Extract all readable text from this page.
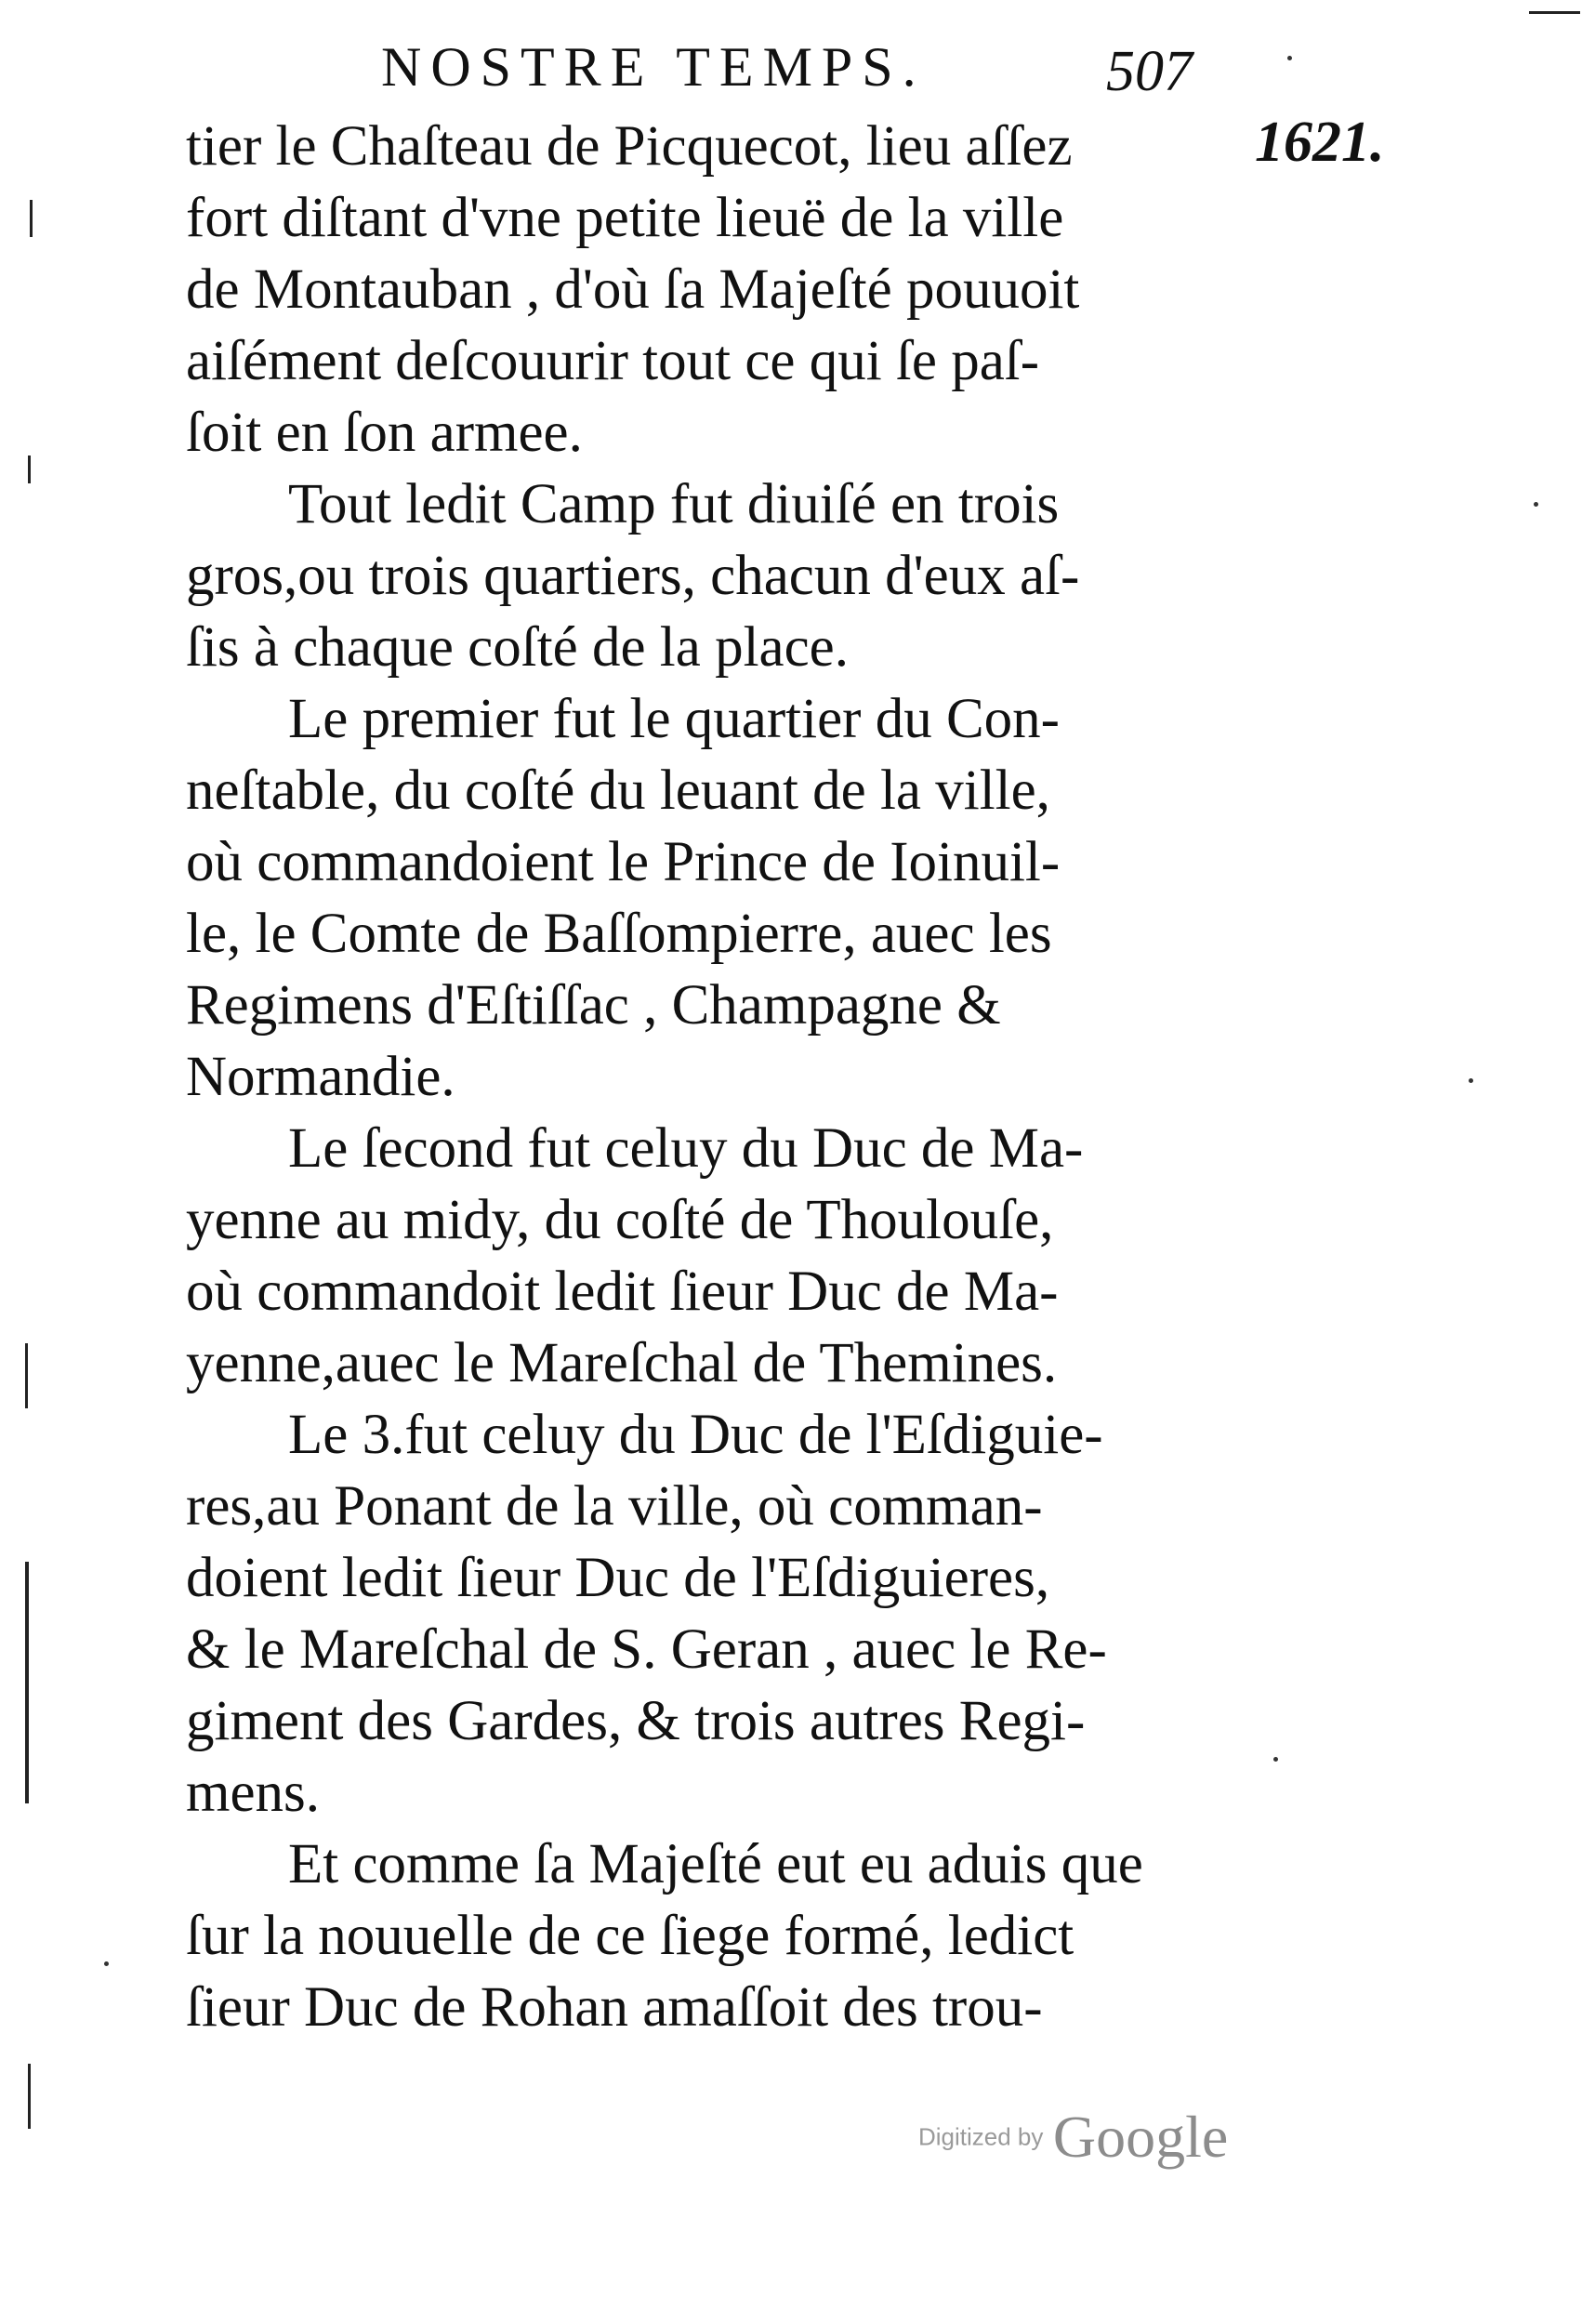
NOSTRE TEMPS.	507
1621.
tier le Chaſteau de Picquecot, lieu aſſez
fort diſtant d'vne petite lieuë de la ville
de Montauban , d'où ſa Majeſté pouuoit
aiſément deſcouurir tout ce qui ſe paſ-
ſoit en ſon armee.
Tout ledit Camp fut diuiſé en trois
gros,ou trois quartiers, chacun d'eux aſ-
ſis à chaque coſté de la place.
Le premier fut le quartier du Con-
neſtable, du coſté du leuant de la ville,
où commandoient le Prince de Ioinuil-
le, le Comte de Baſſompierre, auec les
Regimens d'Eſtiſſac , Champagne &
Normandie.
Le ſecond fut celuy du Duc de Ma-
yenne au midy, du coſté de Thoulouſe,
où commandoit ledit ſieur Duc de Ma-
yenne,auec le Mareſchal de Themines.
Le 3.fut celuy du Duc de l'Eſdiguie-
res,au Ponant de la ville, où comman-
doient ledit ſieur Duc de l'Eſdiguieres,
& le Mareſchal de S. Geran , auec le Re-
giment des Gardes, & trois autres Regi-
mens.
Et comme ſa Majeſté eut eu aduis que
ſur la nouuelle de ce ſiege formé, ledict
ſieur Duc de Rohan amaſſoit des trou-
Digitized by Google
